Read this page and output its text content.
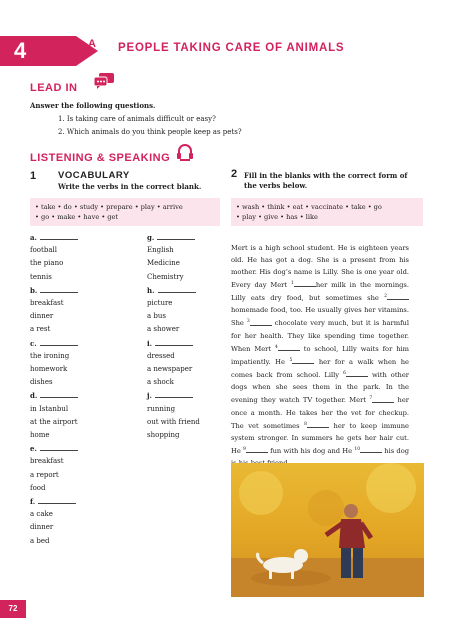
4	A PEOPLE TAKING CARE OF ANIMALS
LEAD IN
Answer the following questions.
1. Is taking care of animals difficult or easy?
2. Which animals do you think people keep as pets?
LISTENING & SPEAKING
1 VOCABULARY
Write the verbs in the correct blank.
• take • do • study • prepare • play • arrive
• go • make • have • get
a.
football
the piano
tennis
b.
breakfast
dinner
a rest
c.
the ironing
homework
dishes
d.
in Istanbul
at the airport
home
e.
breakfast
a report
food
f.
a cake
dinner
a bed
g.
English
Medicine
Chemistry
h.
picture
a bus
a shower
i.
dressed
a newspaper
a shock
j.
running
out with friend
shopping
2 Fill in the blanks with the correct form of
the verbs below.
• wash • think • eat • vaccinate • take • go
• play • give • has • like
Mert is a high school student. He is eighteen years old. He has got a dog. She is a present from his mother. His dog’s name is Lilly. She is one year old. Every day Mert $^1$	her milk in the mornings. Lilly eats dry food, but sometimes she $^2$ homemade food, too. He usually gives her vitamins. She $^3$	chocolate very much, but it is harmful for her health. They like spending time together. When Mert $^4$	to school, Lilly waits for him impatiently. He $^5$	her for a walk when he comes back from school. Lilly $^6$	with other dogs when she sees them in the park. In the evening they watch TV together. Mert $^7$	her once a month. He takes her the vet for checkup. The vet sometimes $^8$	her to keep immune system stronger. In summers he gets her hair cut. He $^9$	fun with his dog and He $^{10}$	his dog
72
